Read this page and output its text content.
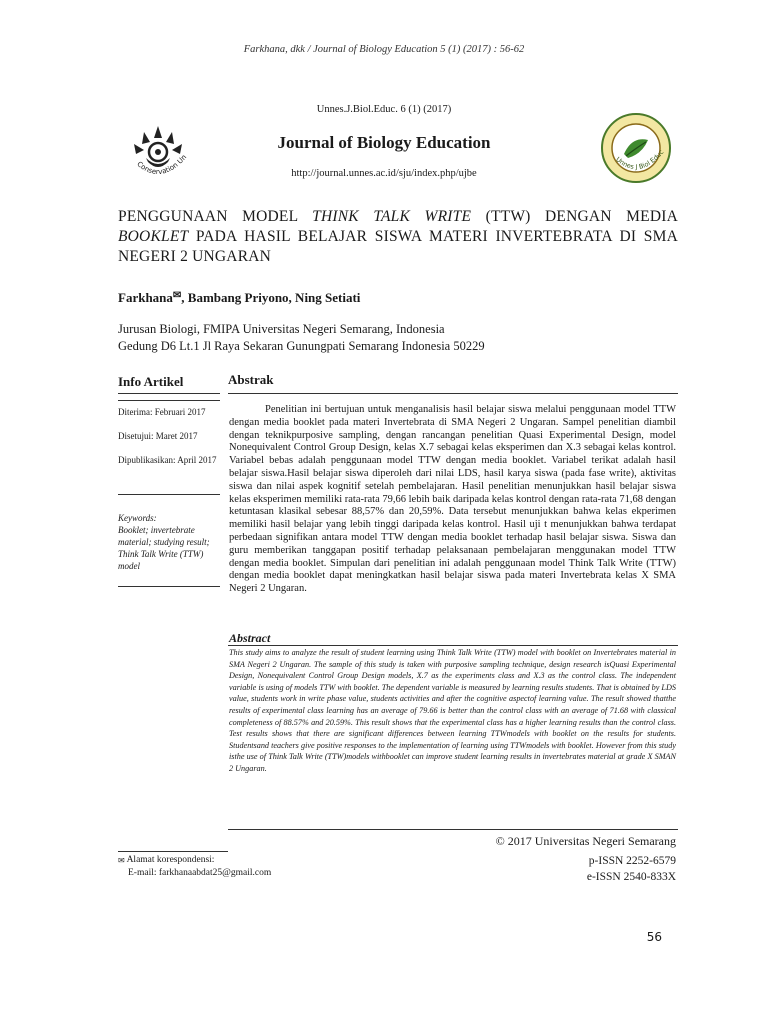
Farkhana, dkk / Journal of Biology Education 5 (1) (2017) : 56-62
Unnes.J.Biol.Educ. 6 (1) (2017)
Journal of Biology Education
http://journal.unnes.ac.id/sju/index.php/ujbe
Conservation Un	Unnes J Biol Educ
PENGGUNAAN MODEL THINK TALK WRITE (TTW) DENGAN MEDIA BOOKLET PADA HASIL BELAJAR SISWA MATERI INVERTEBRATA DI SMA NEGERI 2 UNGARAN
Farkhana✉, Bambang Priyono, Ning Setiati
Jurusan Biologi, FMIPA Universitas Negeri Semarang, Indonesia
Gedung D6 Lt.1 Jl Raya Sekaran Gunungpati Semarang Indonesia 50229
Info Artikel
Diterima: Februari 2017
Disetujui: Maret 2017
Dipublikasikan: April 2017
Keywords:
Booklet; invertebrate material; studying result; Think Talk Write (TTW) model
Abstrak
Penelitian ini bertujuan untuk menganalisis hasil belajar siswa melalui penggunaan model TTW dengan media booklet pada materi Invertebrata di SMA Negeri 2 Ungaran. Sampel penelitian diambil dengan teknikpurposive sampling, dengan rancangan penelitian Quasi Experimental Design, model Nonequivalent Control Group Design, kelas X.7 sebagai kelas eksperimen dan X.3 sebagai kelas kontrol. Variabel bebas adalah penggunaan model TTW dengan media booklet. Variabel terikat adalah hasil belajar siswa.Hasil belajar siswa diperoleh dari nilai LDS, hasil karya siswa (pada fase write), aktivitas siswa dan nilai aspek kognitif setelah pembelajaran. Hasil penelitian menunjukkan hasil belajar siswa kelas eksperimen memiliki rata-rata 79,66 lebih baik daripada kelas kontrol dengan rata-rata 71,68 dengan ketuntasan klasikal sebesar 88,57% dan 20,59%. Data tersebut menunjukkan bahwa kelas ekperimen memiliki hasil belajar yang lebih tinggi daripada kelas kontrol. Hasil uji t menunjukkan bahwa terdapat perbedaan signifikan antara model TTW dengan media booklet terhadap hasil belajar siswa. Siswa dan guru memberikan tanggapan positif terhadap pelaksanaan pembelajaran menggunakan model TTW dengan media booklet. Simpulan dari penelitian ini adalah penggunaan model Think Talk Write (TTW) dengan media booklet dapat meningkatkan hasil belajar siswa pada materi Invertebrata kelas X SMA Negeri 2 Ungaran.
Abstract
This study aims to analyze the result of student learning using Think Talk Write (TTW) model with booklet on Invertebrates material in SMA Negeri 2 Ungaran. The sample of this study is taken with purposive sampling technique, design research isQuasi Experimental Design, Nonequivalent Control Group Design models, X.7 as the experiments class and X.3 as the control class. The independent variable is using of models TTW with booklet. The dependent variable is measured by learning results students. That is obtained by LDS value, students work in write phase value, students activities and after the cognitive aspectof learning value. The result showed thatthe results of experimental class learning has an average of 79.66 is better than the control class with an average of 71.68 with classical completeness of 88.57% and 20.59%. This result shows that the experimental class has a higher learning results than the control class. Test results shows that there are significant differences between learning TTWmodels with booklet on the results for students. Studentsand teachers give positive responses to the implementation of learning using TTWmodels with booklet. However from this study isthe use of Think Talk Write (TTW)models withbooklet can improve student learning results in invertebrates material at grade X SMAN 2 Ungaran.
© 2017 Universitas Negeri Semarang
p-ISSN 2252-6579
e-ISSN 2540-833X
✉ Alamat korespondensi:
E-mail: farkhanaabdat25@gmail.com
56
